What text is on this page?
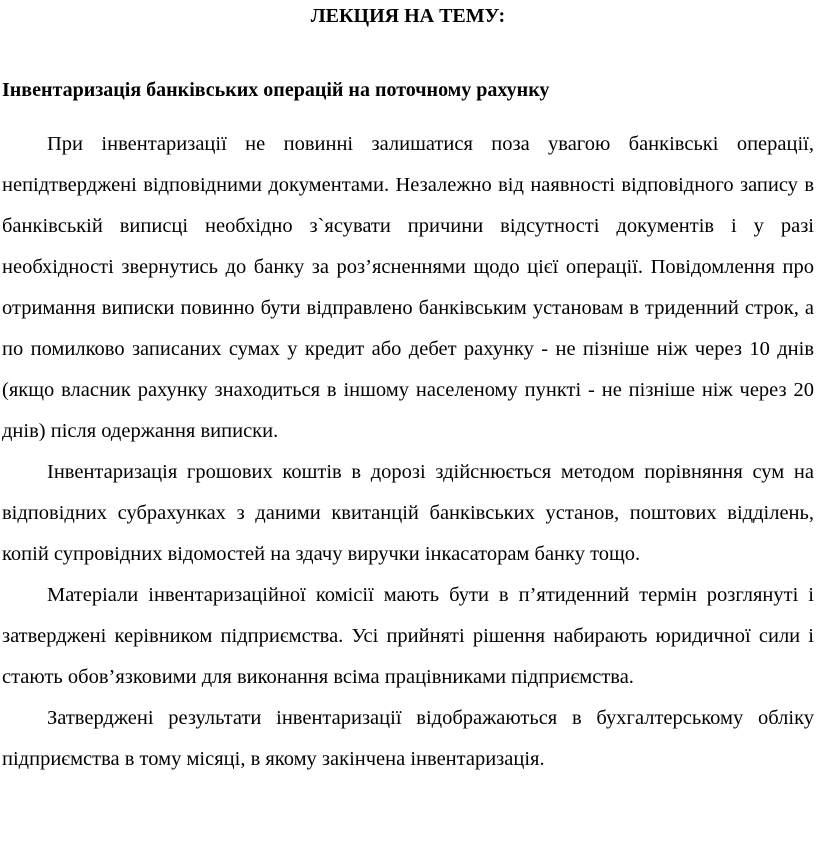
ЛЕКЦИЯ НА ТЕМУ:
Інвентаризація банківських операцій на поточному рахунку

При інвентаризації не повинні залишатися поза увагою банківські операції, непідтверджені відповідними документами. Незалежно від наявності відповідного запису в банківській виписці необхідно з`ясувати причини відсутності документів і у разі необхідності звернутись до банку за роз’ясненнями щодо цієї операції. Повідомлення про отримання виписки повинно бути відправлено банківським установам в триденний строк, а по помилково записаних сумах у кредит або дебет рахунку - не пізніше ніж через 10 днів (якщо власник рахунку знаходиться в іншому населеному пункті - не пізніше ніж через 20 днів) після одержання виписки.

Інвентаризація грошових коштів в дорозі здійснюється методом порівняння сум на відповідних субрахунках з даними квитанцій банківських установ, поштових відділень, копій супровідних відомостей на здачу виручки інкасаторам банку тощо.

Матеріали інвентаризаційної комісії мають бути в п’ятиденний термін розглянуті і затверджені керівником підприємства. Усі прийняті рішення набирають юридичної сили і стають обов’язковими для виконання всіма працівниками підприємства.

Затверджені результати інвентаризації відображаються в бухгалтерському обліку підприємства в тому місяці, в якому закінчена інвентаризація.
